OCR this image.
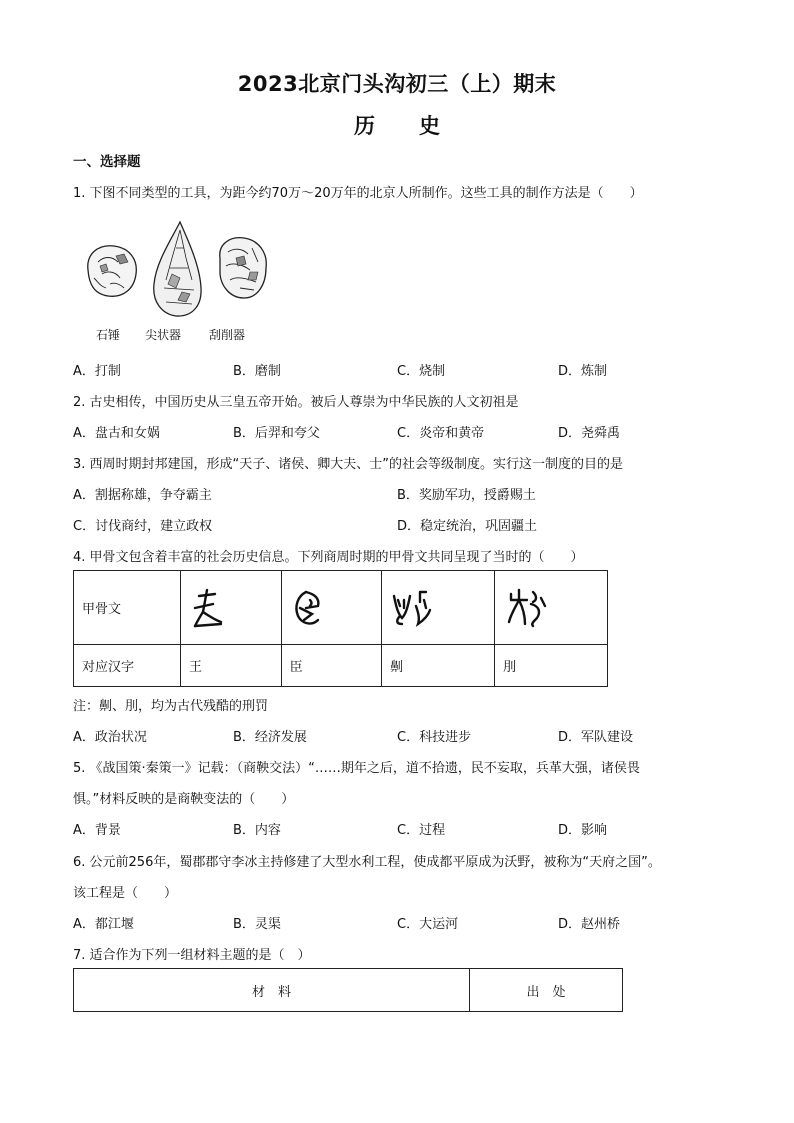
2023北京门头沟初三（上）期末
历 史
一、选择题
1. 下图不同类型的工具，为距今约70万～20万年的北京人所制作。这些工具的制作方法是（　　）
石锤 尖状器 刮削器
A．打制	B．磨制	C．烧制	D．炼制
2. 古史相传，中国历史从三皇五帝开始。被后人尊崇为中华民族的人文初祖是
A．盘古和女娲	B．后羿和夸父	C．炎帝和黄帝	D．尧舜禹
3. 西周时期封邦建国，形成“天子、诸侯、卿大夫、士”的社会等级制度。实行这一制度的目的是
A．割据称雄，争夺霸主	B．奖励军功，授爵赐土
C．讨伐商纣，建立政权	D．稳定统治，巩固疆土
4. 甲骨文包含着丰富的社会历史信息。下列商周时期的甲骨文共同呈现了当时的（　　）
甲骨文	

对应汉字	王	臣	劓	刖
注：劓、刖，均为古代残酷的刑罚
A．政治状况	B．经济发展	C．科技进步	D．军队建设
5. 《战国策·秦策一》记载：（商鞅交法）“……期年之后，道不拾遗，民不妄取，兵革大强，诸侯畏
惧。”材料反映的是商鞅变法的（　　）
A．背景	B．内容	C．过程	D．影响
6. 公元前256年，蜀郡郡守李冰主持修建了大型水利工程，使成都平原成为沃野，被称为“天府之国”。
该工程是（　　）
A．都江堰	B．灵渠	C．大运河	D．赵州桥
7. 适合作为下列一组材料主题的是（　）
材　料	出　处
